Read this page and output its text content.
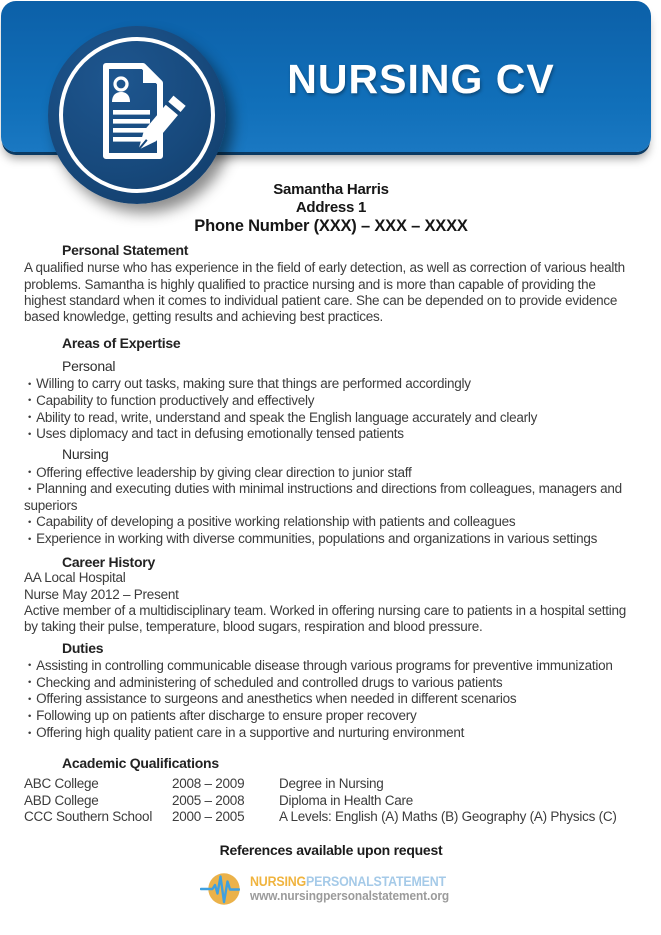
NURSING CV

Samantha Harris

Address 1

Phone Number (XXX) – XXX – XXXX

Personal Statement

A qualified nurse who has experience in the field of early detection, as well as correction of various health problems. Samantha is highly qualified to practice nursing and is more than capable of providing the highest standard when it comes to individual patient care. She can be depended on to provide evidence based knowledge, getting results and achieving best practices.

Areas of Expertise

Personal

• Willing to carry out tasks, making sure that things are performed accordingly

• Capability to function productively and effectively

• Ability to read, write, understand and speak the English language accurately and clearly

• Uses diplomacy and tact in defusing emotionally tensed patients

Nursing

• Offering effective leadership by giving clear direction to junior staff

• Planning and executing duties with minimal instructions and directions from colleagues, managers and superiors

• Capability of developing a positive working relationship with patients and colleagues

• Experience in working with diverse communities, populations and organizations in various settings

Career History

AA Local Hospital

Nurse May 2012 – Present

Active member of a multidisciplinary team. Worked in offering nursing care to patients in a hospital setting by taking their pulse, temperature, blood sugars, respiration and blood pressure.

Duties

• Assisting in controlling communicable disease through various programs for preventive immunization

• Checking and administering of scheduled and controlled drugs to various patients

• Offering assistance to surgeons and anesthetics when needed in different scenarios

• Following up on patients after discharge to ensure proper recovery

• Offering high quality patient care in a supportive and nurturing environment

Academic Qualifications

ABC College	2008 – 2009	Degree in Nursing
ABD College	2005 – 2008	Diploma in Health Care
CCC Southern School	2000 – 2005	A Levels: English (A) Maths (B) Geography (A) Physics (C)

References available upon request

NURSINGPERSONALSTATEMENT
www.nursingpersonalstatement.org
